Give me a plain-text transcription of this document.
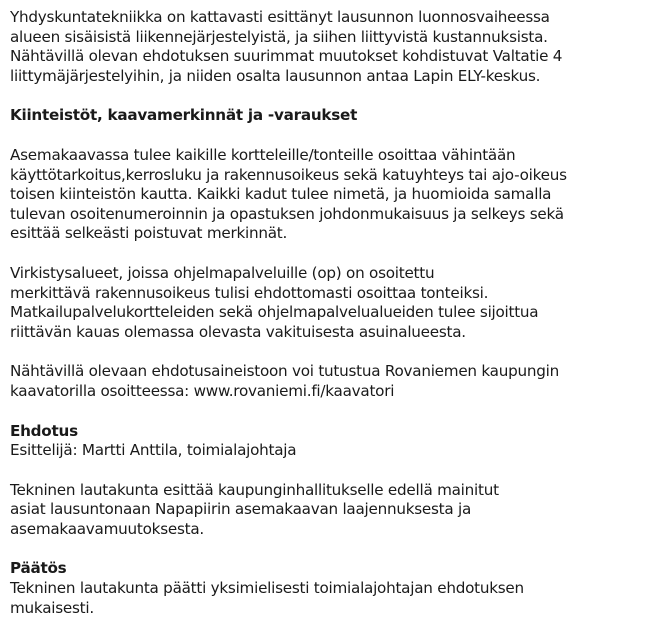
Yhdyskuntatekniikka on kattavasti esittänyt lausunnon luonnosvaiheessa
alueen sisäisistä liikennejärjestelyistä, ja siihen liittyvistä kustannuksista.
Nähtävillä olevan ehdotuksen suurimmat muutokset kohdistuvat Valtatie 4
liittymäjärjestelyihin, ja niiden osalta lausunnon antaa Lapin ELY-keskus.
Kiinteistöt, kaavamerkinnät ja -varaukset
Asemakaavassa tulee kaikille kortteleille/tonteille osoittaa vähintään
käyttötarkoitus,kerrosluku ja rakennusoikeus sekä katuyhteys tai ajo-oikeus
toisen kiinteistön kautta. Kaikki kadut tulee nimetä, ja huomioida samalla
tulevan osoitenumeroinnin ja opastuksen johdonmukaisuus ja selkeys sekä
esittää selkeästi poistuvat merkinnät.
Virkistysalueet, joissa ohjelmapalveluille (op) on osoitettu
merkittävä rakennusoikeus tulisi ehdottomasti osoittaa tonteiksi.
Matkailupalvelukortteleiden sekä ohjelmapalvelualueiden tulee sijoittua
riittävän kauas olemassa olevasta vakituisesta asuinalueesta.
Nähtävillä olevaan ehdotusaineistoon voi tutustua Rovaniemen kaupungin
kaavatorilla osoitteessa: www.rovaniemi.fi/kaavatori
Ehdotus
Esittelijä: Martti Anttila, toimialajohtaja
Tekninen lautakunta esittää kaupunginhallitukselle edellä mainitut
asiat lausuntonaan Napapiirin asemakaavan laajennuksesta ja
asemakaavamuutoksesta.
Päätös
Tekninen lautakunta päätti yksimielisesti toimialajohtajan ehdotuksen
mukaisesti.
